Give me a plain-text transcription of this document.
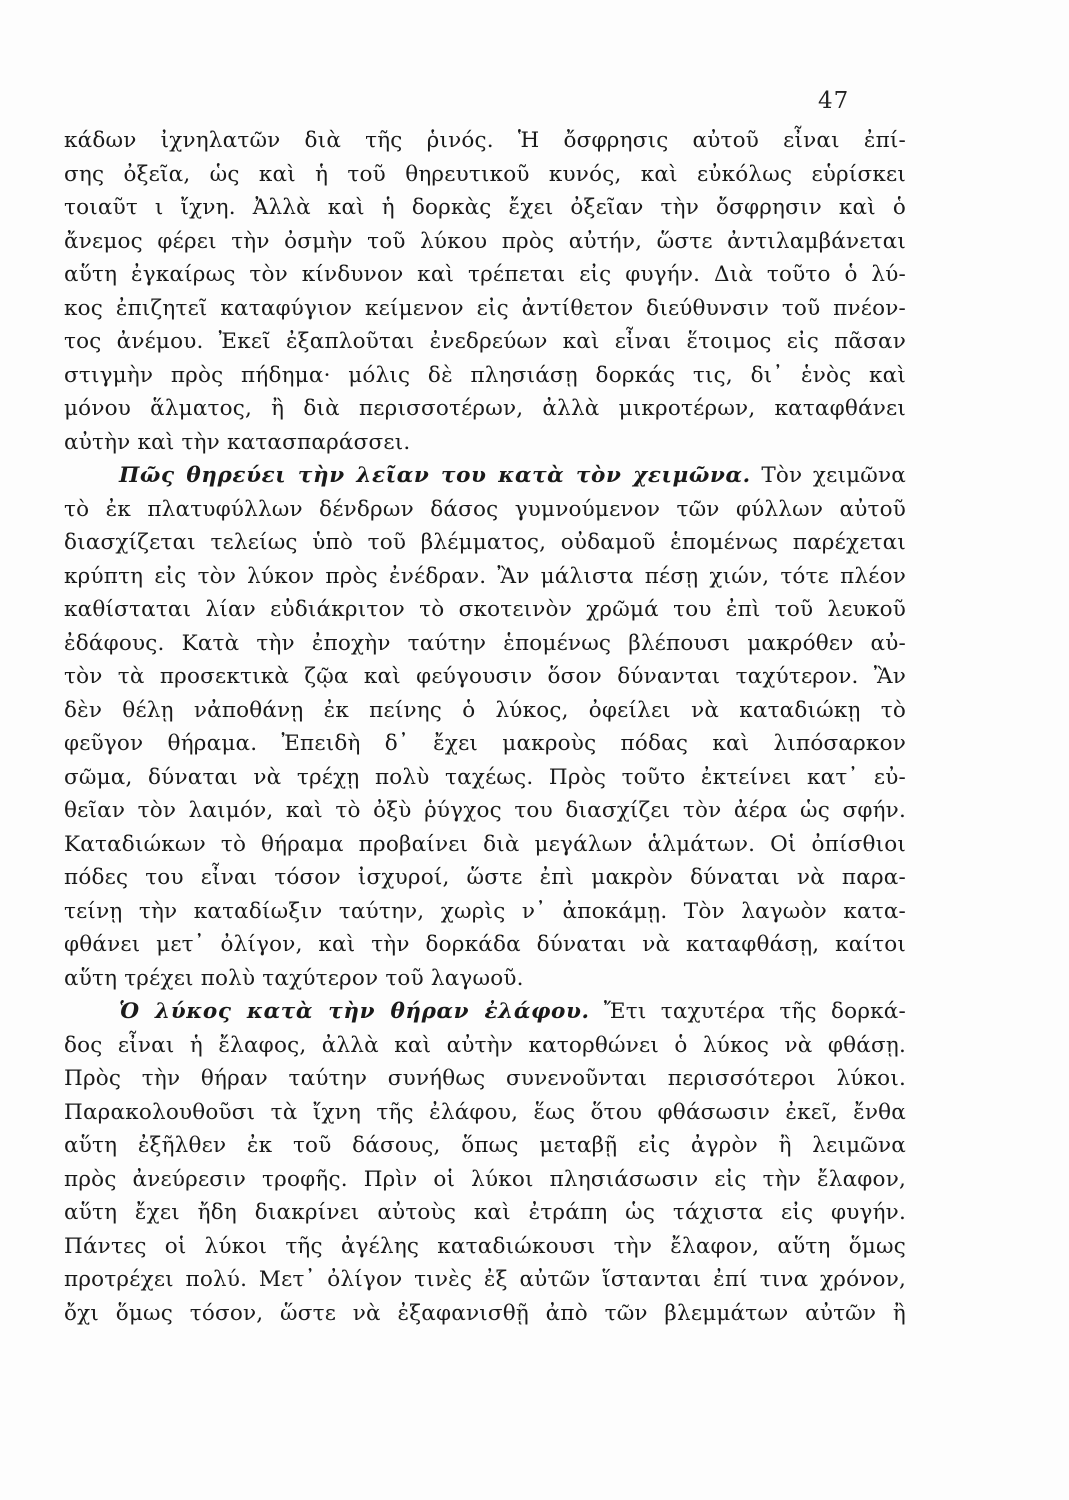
47
κάδων ἰχνηλατῶν διὰ τῆς ῥινός. Ἡ ὄσφρησις αὐτοῦ εἶναι ἐπί-
σης ὀξεῖα, ὡς καὶ ἡ τοῦ θηρευτικοῦ κυνός, καὶ εὐκόλως εὑρίσκει
τοιαῦτ ι ἴχνη. Ἀλλὰ καὶ ἡ δορκὰς ἔχει ὀξεῖαν τὴν ὄσφρησιν καὶ ὁ
ἄνεμος φέρει τὴν ὀσμὴν τοῦ λύκου πρὸς αὐτήν, ὥστε ἀντιλαμβάνεται
αὕτη ἐγκαίρως τὸν κίνδυνον καὶ τρέπεται εἰς φυγήν. Διὰ τοῦτο ὁ λύ-
κος ἐπιζητεῖ καταφύγιον κείμενον εἰς ἀντίθετον διεύθυνσιν τοῦ πνέον-
τος ἀνέμου. Ἐκεῖ ἐξαπλοῦται ἐνεδρεύων καὶ εἶναι ἕτοιμος εἰς πᾶσαν
στιγμὴν πρὸς πήδημα· μόλις δὲ πλησιάσῃ δορκάς τις, δι᾿ ἑνὸς καὶ
μόνου ἅλματος, ἢ διὰ περισσοτέρων, ἀλλὰ μικροτέρων, καταφθάνει
αὐτὴν καὶ τὴν κατασπαράσσει.
Πῶς θηρεύει τὴν λεῖαν του κατὰ τὸν χειμῶνα. Τὸν χειμῶνα
τὸ ἐκ πλατυφύλλων δένδρων δάσος γυμνούμενον τῶν φύλλων αὐτοῦ
διασχίζεται τελείως ὑπὸ τοῦ βλέμματος, οὐδαμοῦ ἑπομένως παρέχεται
κρύπτη εἰς τὸν λύκον πρὸς ἐνέδραν. Ἂν μάλιστα πέσῃ χιών, τότε πλέον
καθίσταται λίαν εὐδιάκριτον τὸ σκοτεινὸν χρῶμά του ἐπὶ τοῦ λευκοῦ
ἐδάφους. Κατὰ τὴν ἐποχὴν ταύτην ἑπομένως βλέπουσι μακρόθεν αὐ-
τὸν τὰ προσεκτικὰ ζῷα καὶ φεύγουσιν ὅσον δύνανται ταχύτερον. Ἂν
δὲν θέλῃ νἀποθάνῃ ἐκ πείνης ὁ λύκος, ὀφείλει νὰ καταδιώκῃ τὸ
φεῦγον θήραμα. Ἐπειδὴ δ᾿ ἔχει μακροὺς πόδας καὶ λιπόσαρκον
σῶμα, δύναται νὰ τρέχῃ πολὺ ταχέως. Πρὸς τοῦτο ἐκτείνει κατ᾿ εὐ-
θεῖαν τὸν λαιμόν, καὶ τὸ ὀξὺ ῥύγχος του διασχίζει τὸν ἀέρα ὡς σφήν.
Καταδιώκων τὸ θήραμα προβαίνει διὰ μεγάλων ἁλμάτων. Οἱ ὀπίσθιοι
πόδες του εἶναι τόσον ἰσχυροί, ὥστε ἐπὶ μακρὸν δύναται νὰ παρα-
τείνῃ τὴν καταδίωξιν ταύτην, χωρὶς ν᾿ ἀποκάμῃ. Τὸν λαγωὸν κατα-
φθάνει μετ᾿ ὀλίγον, καὶ τὴν δορκάδα δύναται νὰ καταφθάσῃ, καίτοι
αὕτη τρέχει πολὺ ταχύτερον τοῦ λαγωοῦ.
Ὁ λύκος κατὰ τὴν θήραν ἐλάφου. Ἔτι ταχυτέρα τῆς δορκά-
δος εἶναι ἡ ἔλαφος, ἀλλὰ καὶ αὐτὴν κατορθώνει ὁ λύκος νὰ φθάσῃ.
Πρὸς τὴν θήραν ταύτην συνήθως συνενοῦνται περισσότεροι λύκοι.
Παρακολουθοῦσι τὰ ἴχνη τῆς ἐλάφου, ἕως ὅτου φθάσωσιν ἐκεῖ, ἔνθα
αὕτη ἐξῆλθεν ἐκ τοῦ δάσους, ὅπως μεταβῇ εἰς ἀγρὸν ἢ λειμῶνα
πρὸς ἀνεύρεσιν τροφῆς. Πρὶν οἱ λύκοι πλησιάσωσιν εἰς τὴν ἔλαφον,
αὕτη ἔχει ἤδη διακρίνει αὐτοὺς καὶ ἐτράπη ὡς τάχιστα εἰς φυγήν.
Πάντες οἱ λύκοι τῆς ἀγέλης καταδιώκουσι τὴν ἔλαφον, αὕτη ὅμως
προτρέχει πολύ. Μετ᾿ ὀλίγον τινὲς ἐξ αὐτῶν ἵστανται ἐπί τινα χρόνον,
ὄχι ὅμως τόσον, ὥστε νὰ ἐξαφανισθῇ ἀπὸ τῶν βλεμμάτων αὐτῶν ἢ
